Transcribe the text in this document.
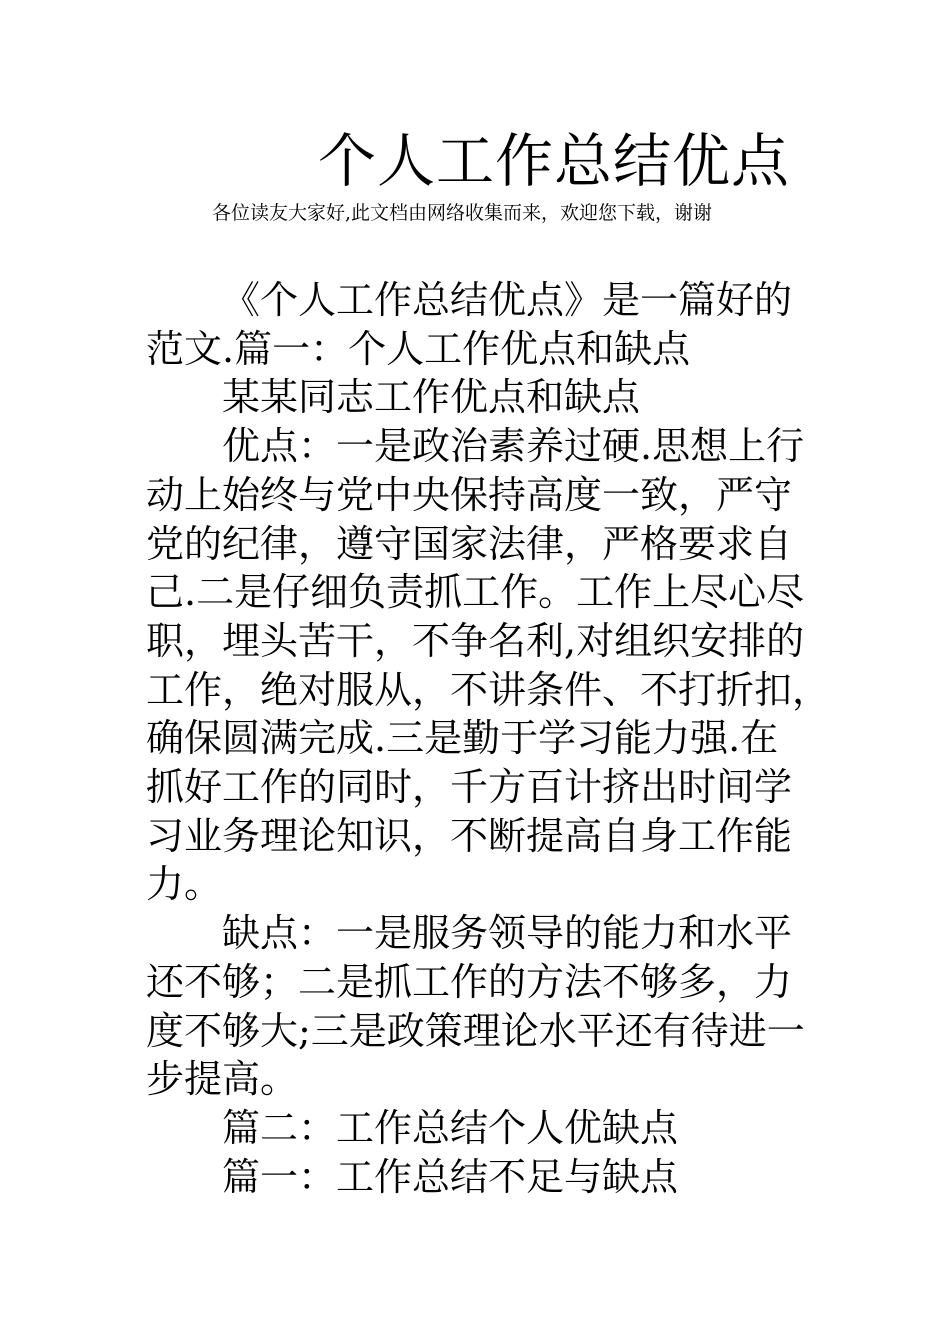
个人工作总结优点

各位读友大家好,此文档由网络收集而来，欢迎您下载，谢谢

《个人工作总结优点》是一篇好的

范文.篇一：个人工作优点和缺点

某某同志工作优点和缺点

优点：一是政治素养过硬.思想上行

动上始终与党中央保持高度一致，严守

党的纪律，遵守国家法律，严格要求自

己.二是仔细负责抓工作。工作上尽心尽

职，埋头苦干，不争名利,对组织安排的

工作，绝对服从，不讲条件、不打折扣，

确保圆满完成.三是勤于学习能力强.在

抓好工作的同时，千方百计挤出时间学

习业务理论知识，不断提高自身工作能

力。

缺点：一是服务领导的能力和水平

还不够；二是抓工作的方法不够多，力

度不够大;三是政策理论水平还有待进一

步提高。

篇二：工作总结个人优缺点

篇一：工作总结不足与缺点
